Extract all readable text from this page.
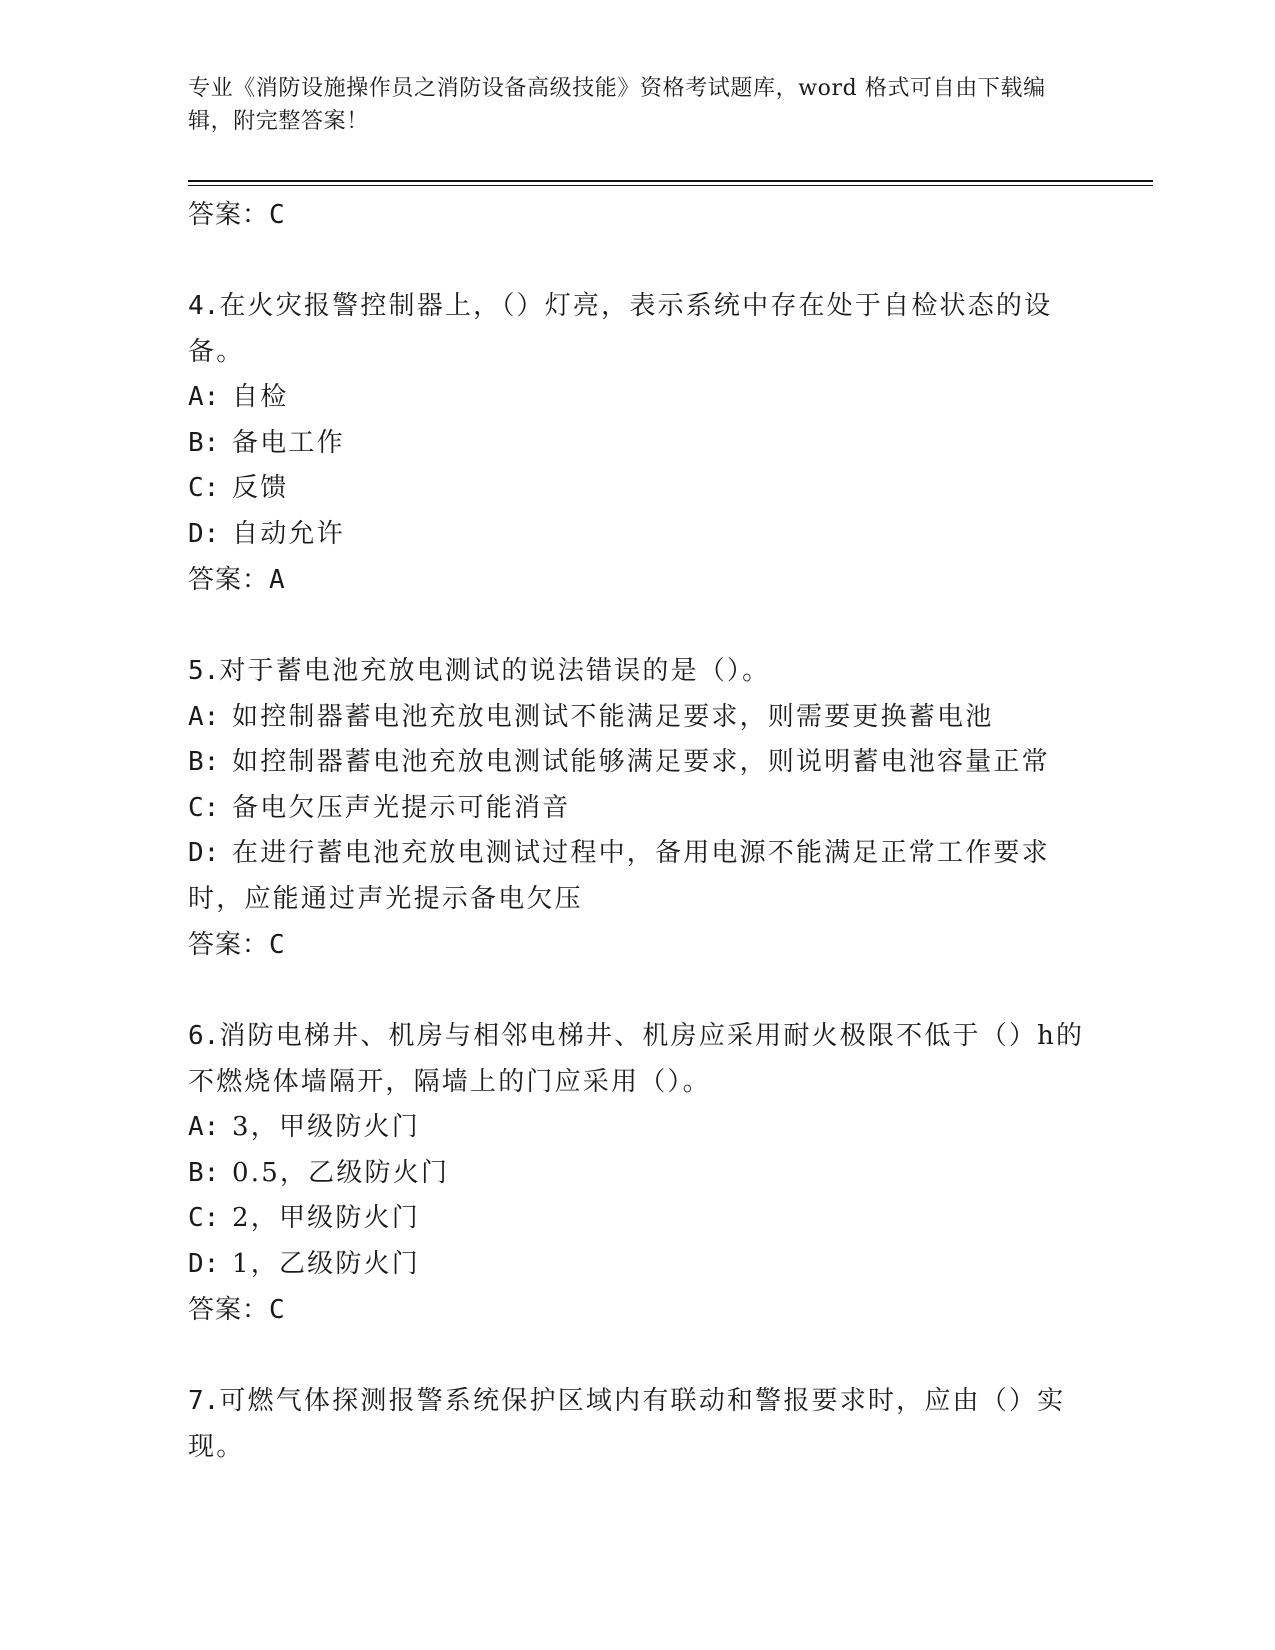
专业《消防设施操作员之消防设备高级技能》资格考试题库，word 格式可自由下载编辑，附完整答案！
答案：C
4.在火灾报警控制器上，（）灯亮，表示系统中存在处于自检状态的设备。
A: 自检
B: 备电工作
C: 反馈
D: 自动允许
答案：A
5.对于蓄电池充放电测试的说法错误的是（）。
A: 如控制器蓄电池充放电测试不能满足要求，则需要更换蓄电池
B: 如控制器蓄电池充放电测试能够满足要求，则说明蓄电池容量正常
C: 备电欠压声光提示可能消音
D: 在进行蓄电池充放电测试过程中，备用电源不能满足正常工作要求时，应能通过声光提示备电欠压
答案：C
6.消防电梯井、机房与相邻电梯井、机房应采用耐火极限不低于（）h的不燃烧体墙隔开，隔墙上的门应采用（）。
A: 3，甲级防火门
B: 0.5，乙级防火门
C: 2，甲级防火门
D: 1，乙级防火门
答案：C
7.可燃气体探测报警系统保护区域内有联动和警报要求时，应由（）实现。
